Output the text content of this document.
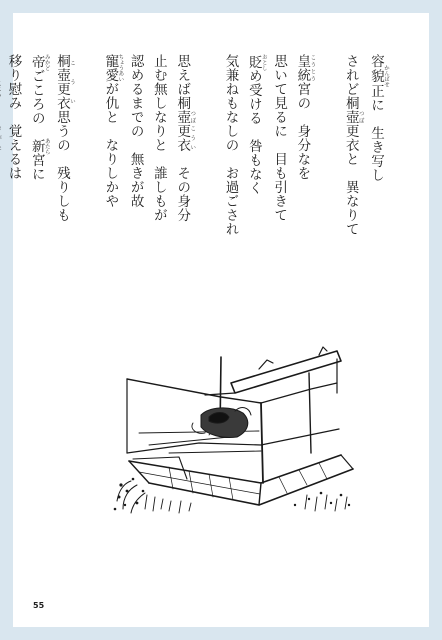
容貌 かんばせ正に　生き写し
されど桐壺 つぼ更衣と　異なりて
皇統 こうとう宮の　身分なを
思いて見るに　目も引きて
貶 おとしめ受ける　咎もなく
気兼ねもなしの　お過ごされ
思えば桐壺 つぼ更衣 こうい　その身分
止む無しなりと　誰しもが
認めるまでの　無きが故
寵愛 ちょうあいが仇と　なりしかや
桐壺更衣 こうい思うの　残りしも
帝 みかどごころの　新 あたら宮に
移り慰み　覚えるは
55
